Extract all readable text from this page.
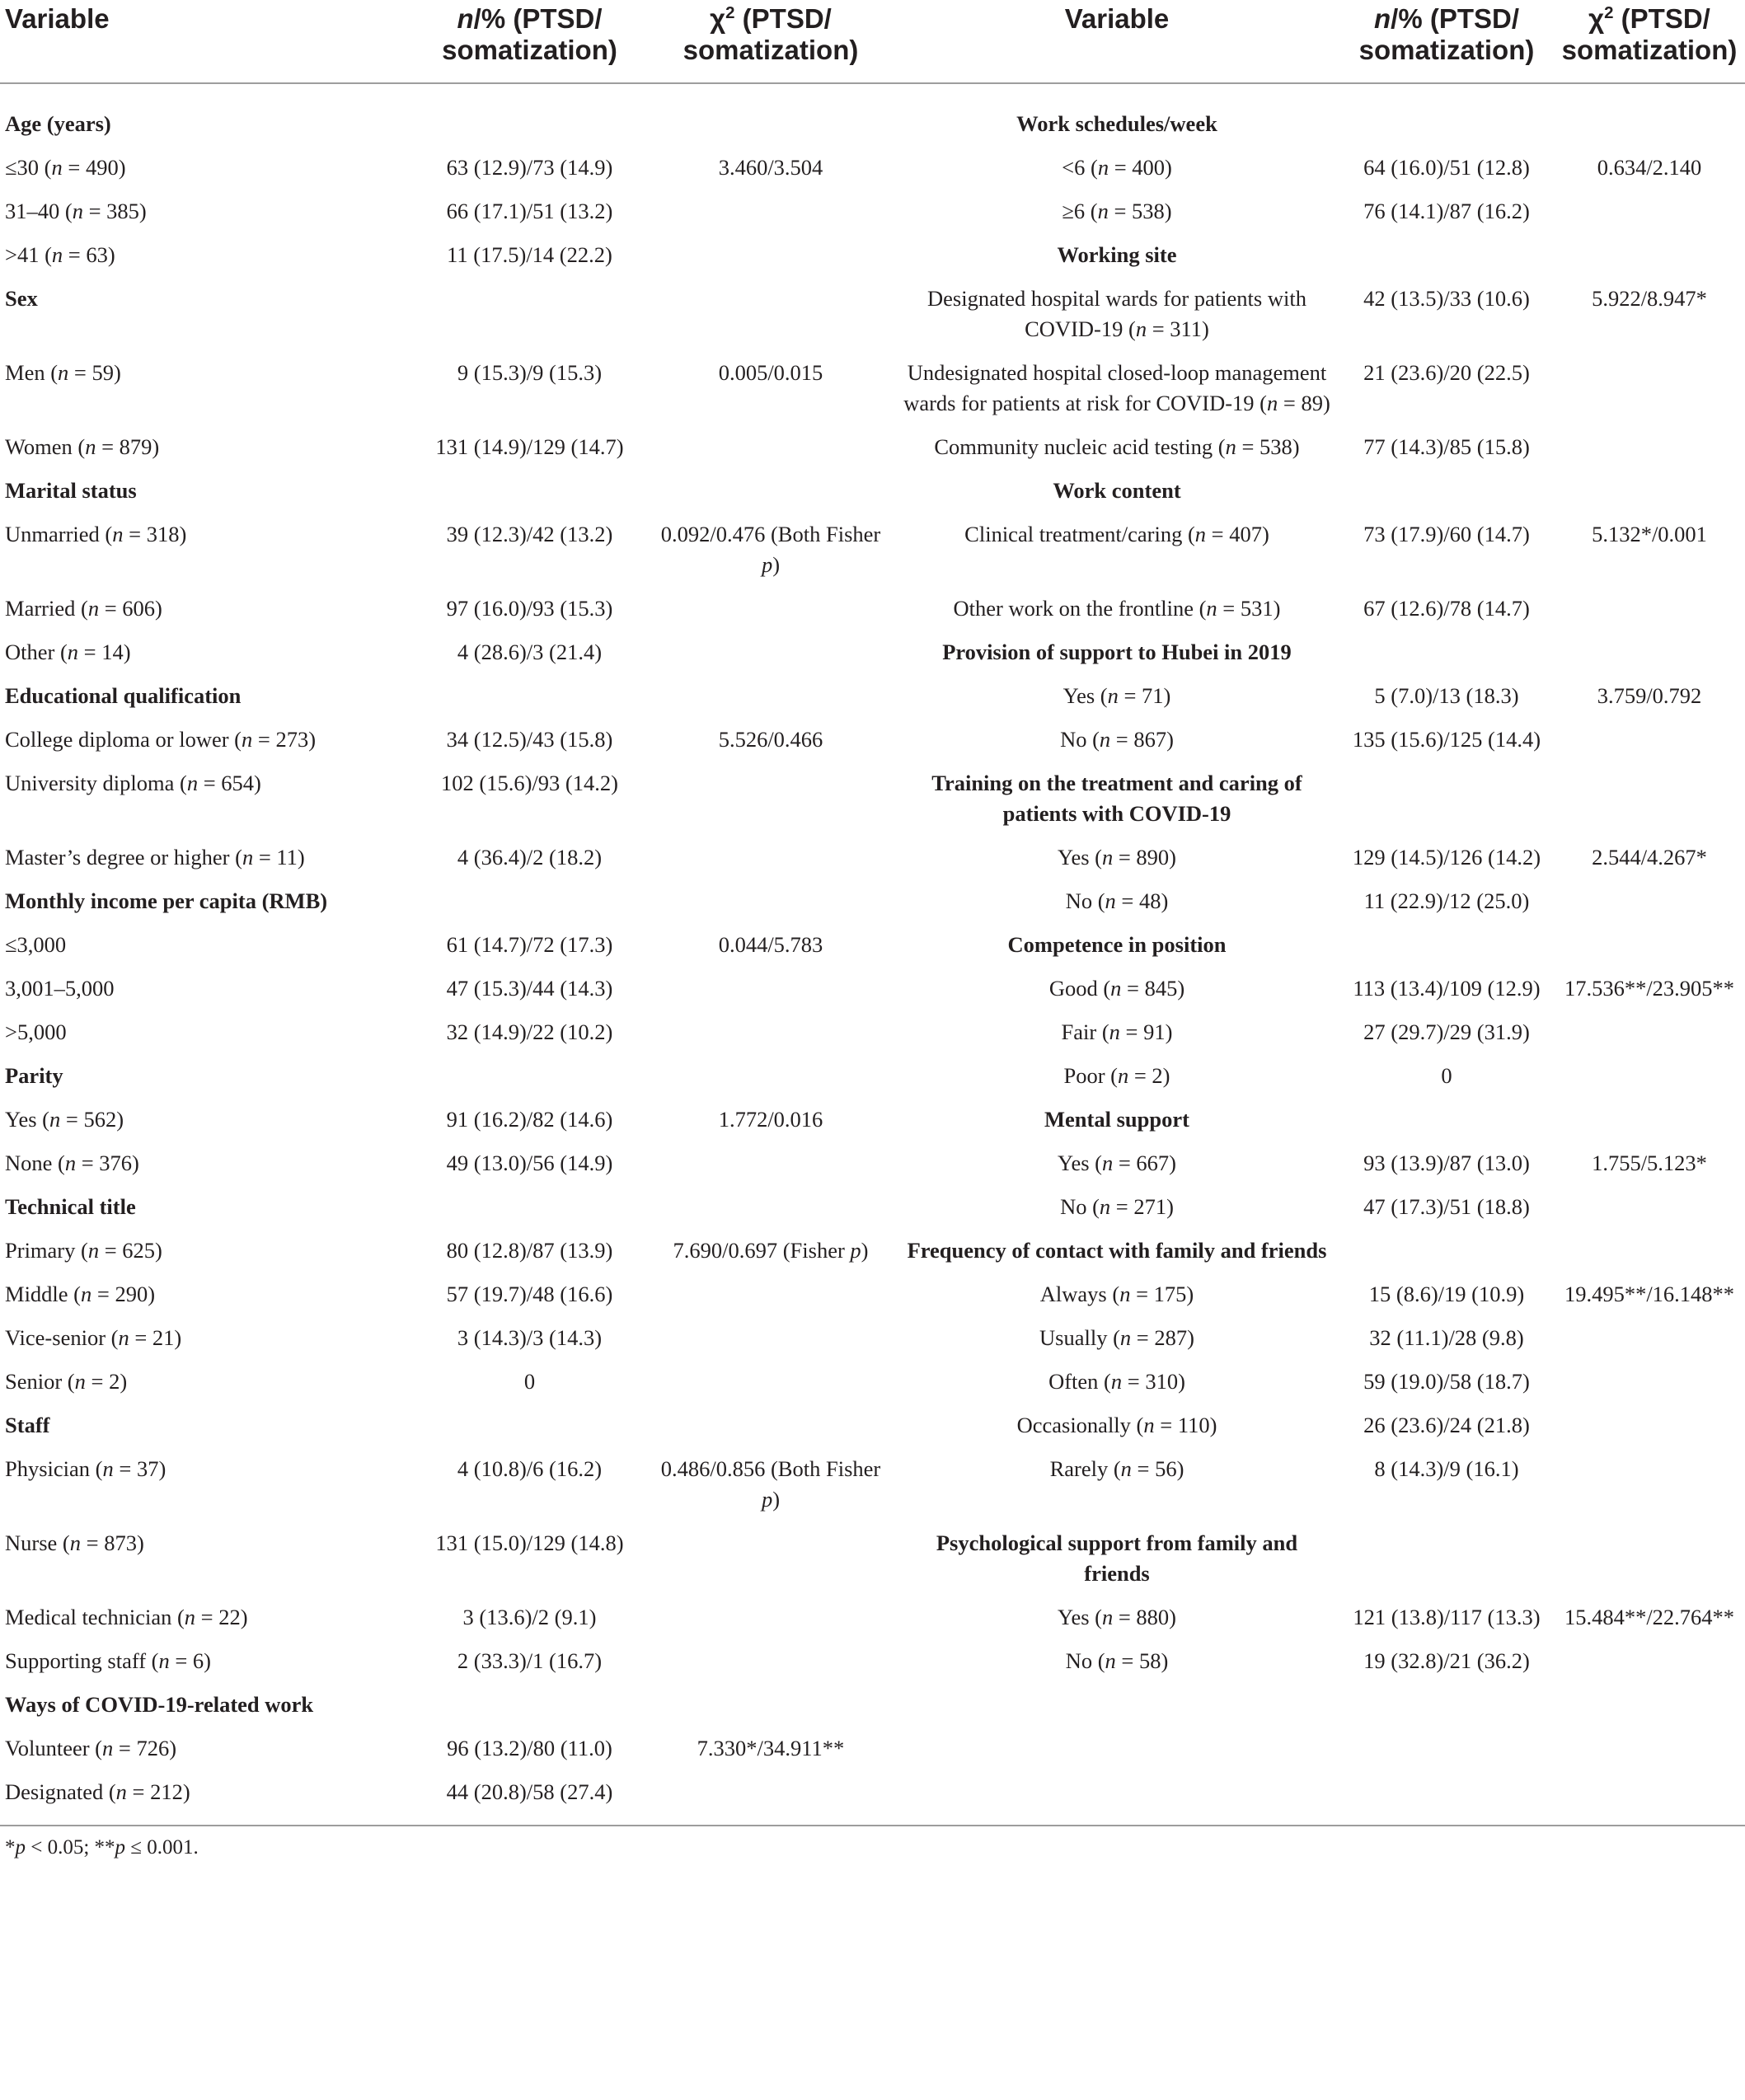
Variable	n/% (PTSD/ somatization)	$\chi^2$ (PTSD/ somatization)	Variable	n/% (PTSD/ somatization)	$\chi^2$ (PTSD/ somatization)
Age (years)			Work schedules/week		
≤30 (n = 490)	63 (12.9)/73 (14.9)	3.460/3.504	<6 (n = 400)	64 (16.0)/51 (12.8)	0.634/2.140
31–40 (n = 385)	66 (17.1)/51 (13.2)		≥6 (n = 538)	76 (14.1)/87 (16.2)	
>41 (n = 63)	11 (17.5)/14 (22.2)		Working site		
Sex			Designated hospital wards for patients with COVID-19 (n = 311)	42 (13.5)/33 (10.6)	5.922/8.947*
Men (n = 59)	9 (15.3)/9 (15.3)	0.005/0.015	Undesignated hospital closed-loop management wards for patients at risk for COVID-19 (n = 89)	21 (23.6)/20 (22.5)	
Women (n = 879)	131 (14.9)/129 (14.7)		Community nucleic acid testing (n = 538)	77 (14.3)/85 (15.8)	
Marital status			Work content		
Unmarried (n = 318)	39 (12.3)/42 (13.2)	0.092/0.476 (Both Fisher p)	Clinical treatment/caring (n = 407)	73 (17.9)/60 (14.7)	5.132*/0.001
Married (n = 606)	97 (16.0)/93 (15.3)		Other work on the frontline (n = 531)	67 (12.6)/78 (14.7)	
Other (n = 14)	4 (28.6)/3 (21.4)		Provision of support to Hubei in 2019		
Educational qualification			Yes (n = 71)	5 (7.0)/13 (18.3)	3.759/0.792
College diploma or lower (n = 273)	34 (12.5)/43 (15.8)	5.526/0.466	No (n = 867)	135 (15.6)/125 (14.4)	
University diploma (n = 654)	102 (15.6)/93 (14.2)		Training on the treatment and caring of patients with COVID-19		
Master’s degree or higher (n = 11)	4 (36.4)/2 (18.2)		Yes (n = 890)	129 (14.5)/126 (14.2)	2.544/4.267*
Monthly income per capita (RMB)			No (n = 48)	11 (22.9)/12 (25.0)	
≤3,000	61 (14.7)/72 (17.3)	0.044/5.783	Competence in position		
3,001–5,000	47 (15.3)/44 (14.3)		Good (n = 845)	113 (13.4)/109 (12.9)	17.536**/23.905**
>5,000	32 (14.9)/22 (10.2)		Fair (n = 91)	27 (29.7)/29 (31.9)	
Parity			Poor (n = 2)	0	
Yes (n = 562)	91 (16.2)/82 (14.6)	1.772/0.016	Mental support		
None (n = 376)	49 (13.0)/56 (14.9)		Yes (n = 667)	93 (13.9)/87 (13.0)	1.755/5.123*
Technical title			No (n = 271)	47 (17.3)/51 (18.8)	
Primary (n = 625)	80 (12.8)/87 (13.9)	7.690/0.697 (Fisher p)	Frequency of contact with family and friends		
Middle (n = 290)	57 (19.7)/48 (16.6)		Always (n = 175)	15 (8.6)/19 (10.9)	19.495**/16.148**
Vice-senior (n = 21)	3 (14.3)/3 (14.3)		Usually (n = 287)	32 (11.1)/28 (9.8)	
Senior (n = 2)	0		Often (n = 310)	59 (19.0)/58 (18.7)	
Staff			Occasionally (n = 110)	26 (23.6)/24 (21.8)	
Physician (n = 37)	4 (10.8)/6 (16.2)	0.486/0.856 (Both Fisher p)	Rarely (n = 56)	8 (14.3)/9 (16.1)	
Nurse (n = 873)	131 (15.0)/129 (14.8)		Psychological support from family and friends		
Medical technician (n = 22)	3 (13.6)/2 (9.1)		Yes (n = 880)	121 (13.8)/117 (13.3)	15.484**/22.764**
Supporting staff (n = 6)	2 (33.3)/1 (16.7)		No (n = 58)	19 (32.8)/21 (36.2)	
Ways of COVID-19-related work					
Volunteer (n = 726)	96 (13.2)/80 (11.0)	7.330*/34.911**			
Designated (n = 212)	44 (20.8)/58 (27.4)				
*p < 0.05; **p ≤ 0.001.
